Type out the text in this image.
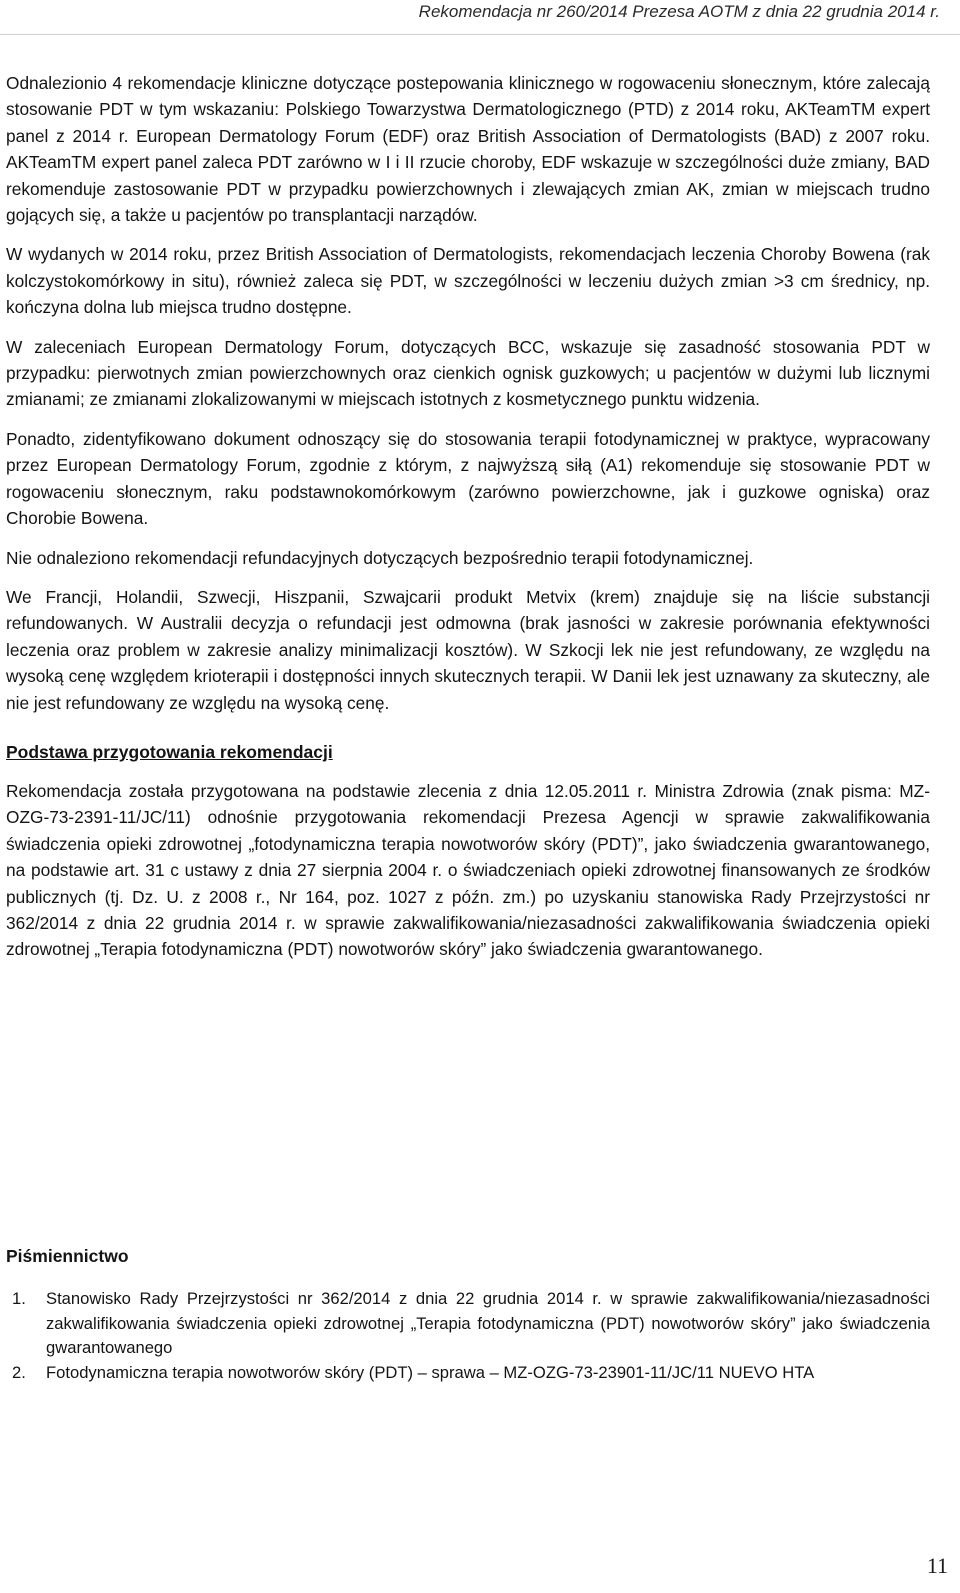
Rekomendacja nr 260/2014 Prezesa AOTM z dnia 22 grudnia 2014 r.

Odnalezionio 4 rekomendacje kliniczne dotyczące postepowania klinicznego w rogowaceniu słonecznym, które zalecają stosowanie PDT w tym wskazaniu: Polskiego Towarzystwa Dermatologicznego (PTD) z 2014 roku, AKTeamTM expert panel z 2014 r. European Dermatology Forum (EDF) oraz British Association of Dermatologists (BAD) z 2007 roku. AKTeamTM expert panel zaleca PDT zarówno w I i II rzucie choroby, EDF wskazuje w szczególności duże zmiany, BAD rekomenduje zastosowanie PDT w przypadku powierzchownych i zlewających zmian AK, zmian w miejscach trudno gojących się, a także u pacjentów po transplantacji narządów.

W wydanych w 2014 roku, przez British Association of Dermatologists, rekomendacjach leczenia Choroby Bowena (rak kolczystokomórkowy in situ), również zaleca się PDT, w szczególności w leczeniu dużych zmian >3 cm średnicy, np. kończyna dolna lub miejsca trudno dostępne.

W zaleceniach European Dermatology Forum, dotyczących BCC, wskazuje się zasadność stosowania PDT w przypadku: pierwotnych zmian powierzchownych oraz cienkich ognisk guzkowych; u pacjentów w dużymi lub licznymi zmianami; ze zmianami zlokalizowanymi w miejscach istotnych z kosmetycznego punktu widzenia.

Ponadto, zidentyfikowano dokument odnoszący się do stosowania terapii fotodynamicznej w praktyce, wypracowany przez European Dermatology Forum, zgodnie z którym, z najwyższą siłą (A1) rekomenduje się stosowanie PDT w rogowaceniu słonecznym, raku podstawnokomórkowym (zarówno powierzchowne, jak i guzkowe ogniska) oraz Chorobie Bowena.

Nie odnaleziono rekomendacji refundacyjnych dotyczących bezpośrednio terapii fotodynamicznej.

We Francji, Holandii, Szwecji, Hiszpanii, Szwajcarii produkt Metvix (krem) znajduje się na liście substancji refundowanych. W Australii decyzja o refundacji jest odmowna (brak jasności w zakresie porównania efektywności leczenia oraz problem w zakresie analizy minimalizacji kosztów). W Szkocji lek nie jest refundowany, ze względu na wysoką cenę względem krioterapii i dostępności innych skutecznych terapii. W Danii lek jest uznawany za skuteczny, ale nie jest refundowany ze względu na wysoką cenę.

Podstawa przygotowania rekomendacji

Rekomendacja została przygotowana na podstawie zlecenia z dnia 12.05.2011 r. Ministra Zdrowia (znak pisma: MZ-OZG-73-2391-11/JC/11) odnośnie przygotowania rekomendacji Prezesa Agencji w sprawie zakwalifikowania świadczenia opieki zdrowotnej „fotodynamiczna terapia nowotworów skóry (PDT)”, jako świadczenia gwarantowanego, na podstawie art. 31 c ustawy z dnia 27 sierpnia 2004 r. o świadczeniach opieki zdrowotnej finansowanych ze środków publicznych (tj. Dz. U. z 2008 r., Nr 164, poz. 1027 z późn. zm.) po uzyskaniu stanowiska Rady Przejrzystości nr 362/2014 z dnia 22 grudnia 2014 r. w sprawie zakwalifikowania/niezasadności zakwalifikowania świadczenia opieki zdrowotnej „Terapia fotodynamiczna (PDT) nowotworów skóry” jako świadczenia gwarantowanego.

Piśmiennictwo
1.	Stanowisko Rady Przejrzystości nr 362/2014 z dnia 22 grudnia 2014 r. w sprawie zakwalifikowania/niezasadności zakwalifikowania świadczenia opieki zdrowotnej „Terapia fotodynamiczna (PDT) nowotworów skóry” jako świadczenia gwarantowanego
2.	Fotodynamiczna terapia nowotworów skóry (PDT) – sprawa – MZ-OZG-73-23901-11/JC/11 NUEVO HTA
11
